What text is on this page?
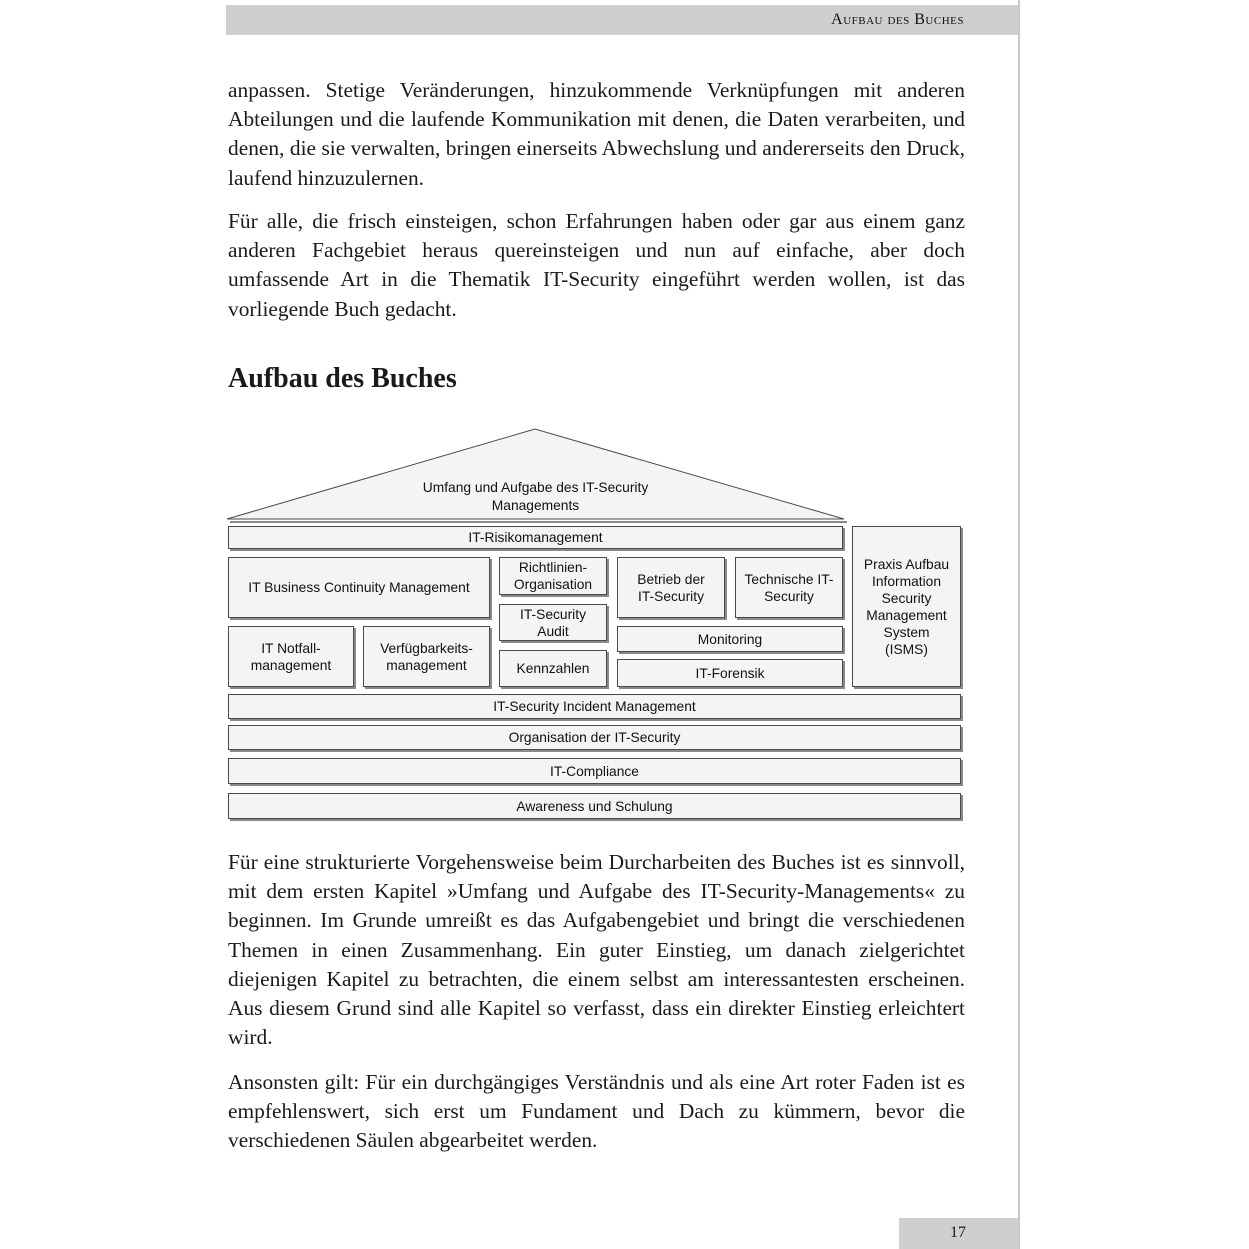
Aufbau des Buches

anpassen. Stetige Veränderungen, hinzukommende Verknüpfungen mit anderen Abteilungen und die laufende Kommunikation mit denen, die Daten verarbeiten, und denen, die sie verwalten, bringen einerseits Abwechslung und andererseits den Druck, laufend hinzuzulernen.

Für alle, die frisch einsteigen, schon Erfahrungen haben oder gar aus einem ganz anderen Fachgebiet heraus quereinsteigen und nun auf einfache, aber doch umfassende Art in die Thematik IT-Security eingeführt werden wollen, ist das vorliegende Buch gedacht.

Aufbau des Buches
Umfang und Aufgabe des IT-Security Managements
IT-Risikomanagement
IT Business Continuity Management
IT Notfall-management
Verfügbarkeits-management
Richtlinien-Organisation
IT-Security Audit
Kennzahlen
Betrieb der IT-Security
Technische IT-Security
Monitoring
IT-Forensik
Praxis Aufbau Information Security Management System (ISMS)
IT-Security Incident Management
Organisation der IT-Security
IT-Compliance
Awareness und Schulung

Für eine strukturierte Vorgehensweise beim Durcharbeiten des Buches ist es sinnvoll, mit dem ersten Kapitel »Umfang und Aufgabe des IT-Security-Managements« zu beginnen. Im Grunde umreißt es das Aufgabengebiet und bringt die verschiedenen Themen in einen Zusammenhang. Ein guter Einstieg, um danach zielgerichtet diejenigen Kapitel zu betrachten, die einem selbst am interessantesten erscheinen. Aus diesem Grund sind alle Kapitel so verfasst, dass ein direkter Einstieg erleichtert wird.

Ansonsten gilt: Für ein durchgängiges Verständnis und als eine Art roter Faden ist es empfehlenswert, sich erst um Fundament und Dach zu kümmern, bevor die verschiedenen Säulen abgearbeitet werden.

17
